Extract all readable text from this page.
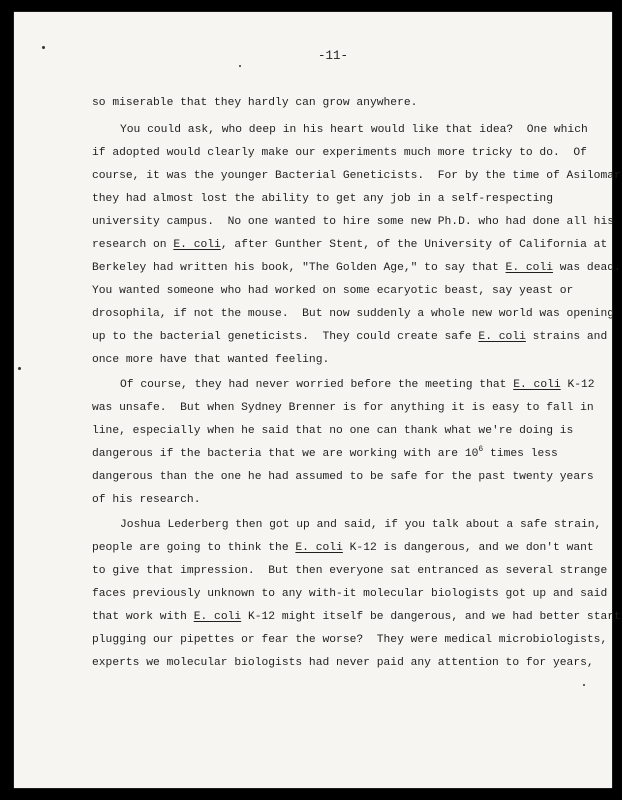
-11-
so miserable that they hardly can grow anywhere.
You could ask, who deep in his heart would like that idea?  One which
if adopted would clearly make our experiments much more tricky to do.  Of
course, it was the younger Bacterial Geneticists.  For by the time of Asilomar
they had almost lost the ability to get any job in a self-respecting
university campus.  No one wanted to hire some new Ph.D. who had done all his
research on E. coli, after Gunther Stent, of the University of California at
Berkeley had written his book, "The Golden Age," to say that E. coli was dead.
You wanted someone who had worked on some ecaryotic beast, say yeast or
drosophila, if not the mouse.  But now suddenly a whole new world was opening
up to the bacterial geneticists.  They could create safe E. coli strains and
once more have that wanted feeling.
Of course, they had never worried before the meeting that E. coli K-12
was unsafe.  But when Sydney Brenner is for anything it is easy to fall in
line, especially when he said that no one can thank what we're doing is
dangerous if the bacteria that we are working with are $10^6$ times less
dangerous than the one he had assumed to be safe for the past twenty years
of his research.
Joshua Lederberg then got up and said, if you talk about a safe strain,
people are going to think the E. coli K-12 is dangerous, and we don't want
to give that impression.  But then everyone sat entranced as several strange
faces previously unknown to any with-it molecular biologists got up and said
that work with E. coli K-12 might itself be dangerous, and we had better start
plugging our pipettes or fear the worse?  They were medical microbiologists,
experts we molecular biologists had never paid any attention to for years,
